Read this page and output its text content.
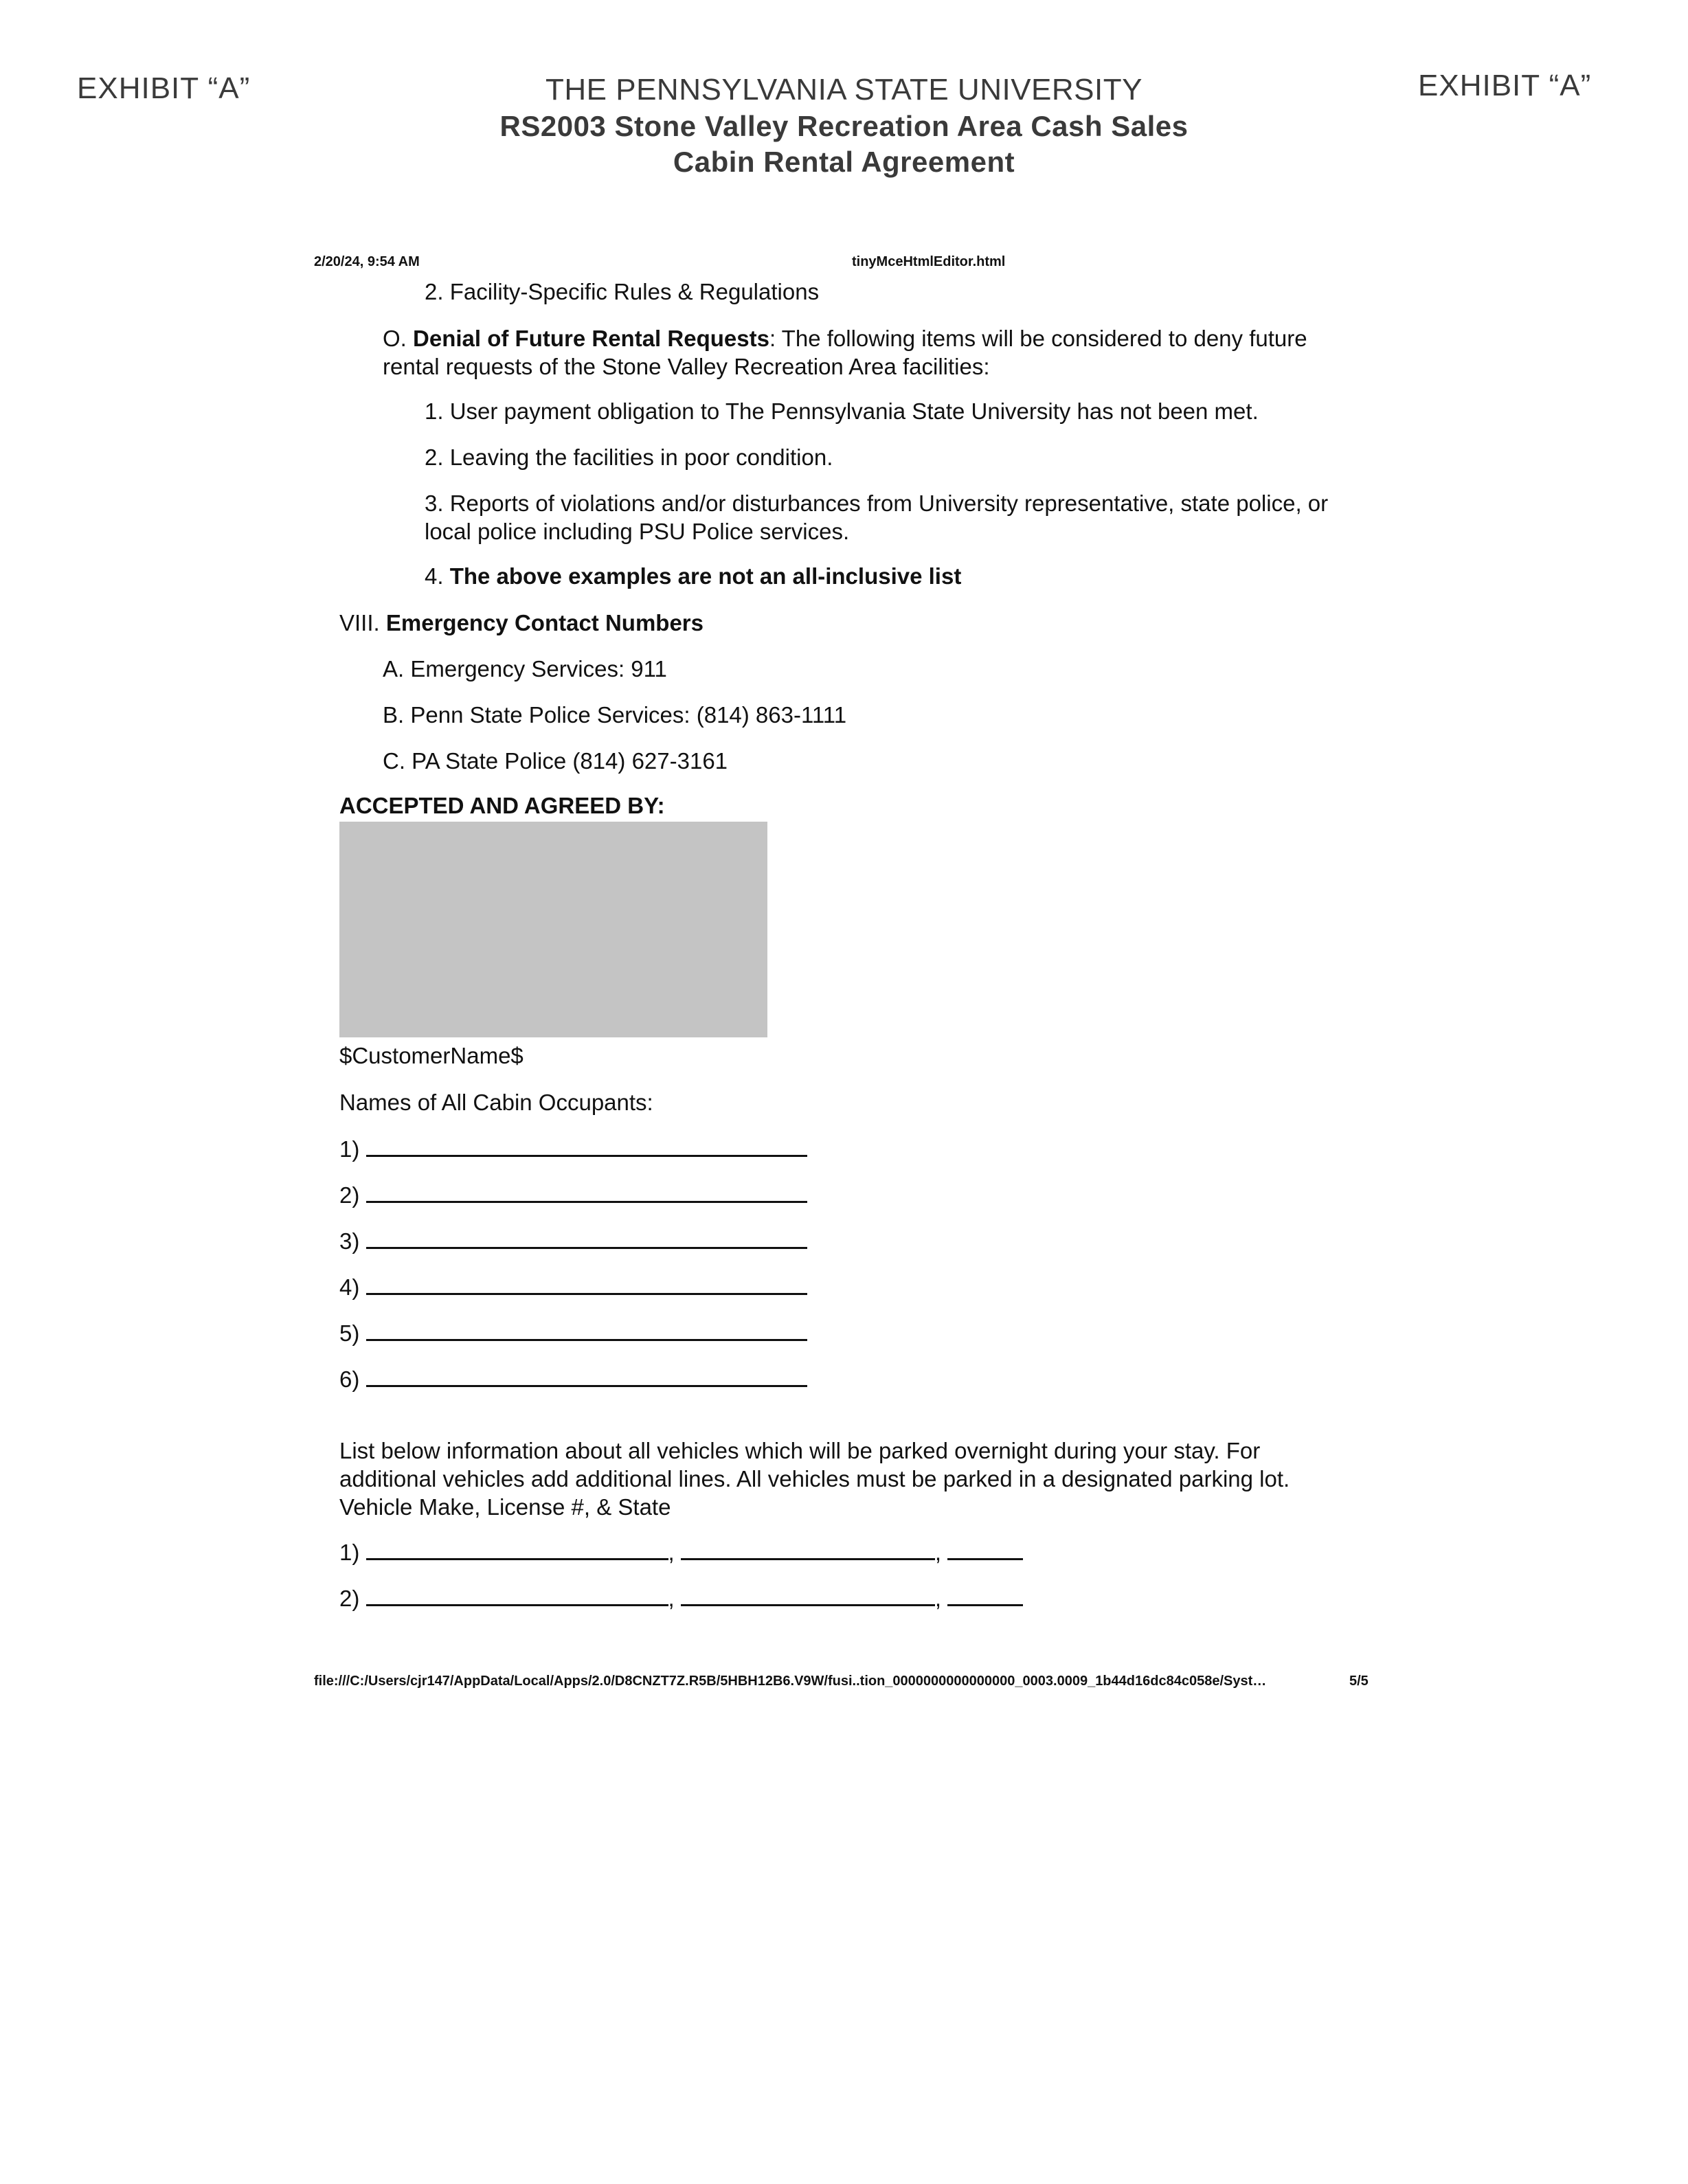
EXHIBIT “A”	EXHIBIT “A”
THE PENNSYLVANIA STATE UNIVERSITY
RS2003 Stone Valley Recreation Area Cash Sales
Cabin Rental Agreement
2/20/24, 9:54 AM	tinyMceHtmlEditor.html
2. Facility-Specific Rules & Regulations
O. Denial of Future Rental Requests: The following items will be considered to deny future rental requests of the Stone Valley Recreation Area facilities:
1. User payment obligation to The Pennsylvania State University has not been met.
2. Leaving the facilities in poor condition.
3. Reports of violations and/or disturbances from University representative, state police, or local police including PSU Police services.
4. The above examples are not an all-inclusive list
VIII. Emergency Contact Numbers
A. Emergency Services: 911
B. Penn State Police Services: (814) 863-1111
C. PA State Police (814) 627-3161
ACCEPTED AND AGREED BY:
$CustomerName$
Names of All Cabin Occupants:
1)
2)
3)
4)
5)
6)
List below information about all vehicles which will be parked overnight during your stay. For additional vehicles add additional lines. All vehicles must be parked in a designated parking lot. Vehicle Make, License #, & State
1)	,	,
2)	,	,
file:///C:/Users/cjr147/AppData/Local/Apps/2.0/D8CNZT7Z.R5B/5HBH12B6.V9W/fusi..tion_0000000000000000_0003.0009_1b44d16dc84c058e/Syst…	5/5
